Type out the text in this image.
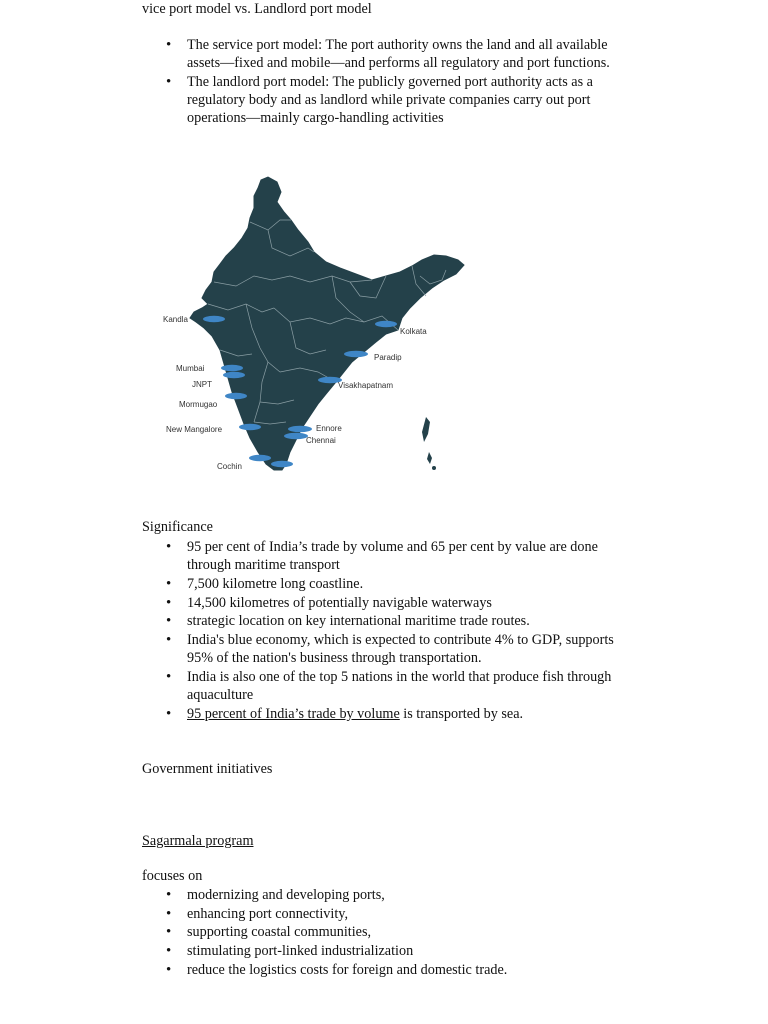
vice port model vs. Landlord port model
• The service port model: The port authority owns the land and all available assets—fixed and mobile—and performs all regulatory and port functions.
• The landlord port model: The publicly governed port authority acts as a regulatory body and as landlord while private companies carry out port operations—mainly cargo-handling activities
Kandla
Kolkata
Paradip
Mumbai
JNPT	Visakhapatnam
Mormugao
New Mangalore	Ennore
Chennai
Cochin
Significance
• 95 per cent of India’s trade by volume and 65 per cent by value are done through maritime transport
• 7,500 kilometre long coastline.
• 14,500 kilometres of potentially navigable waterways
• strategic location on key international maritime trade routes.
• India's blue economy, which is expected to contribute 4% to GDP, supports 95% of the nation's business through transportation.
• India is also one of the top 5 nations in the world that produce fish through aquaculture
• 95 percent of India’s trade by volume is transported by sea.
Government initiatives
Sagarmala program
focuses on
• modernizing and developing ports,
• enhancing port connectivity,
• supporting coastal communities,
• stimulating port-linked industrialization
• reduce the logistics costs for foreign and domestic trade.
